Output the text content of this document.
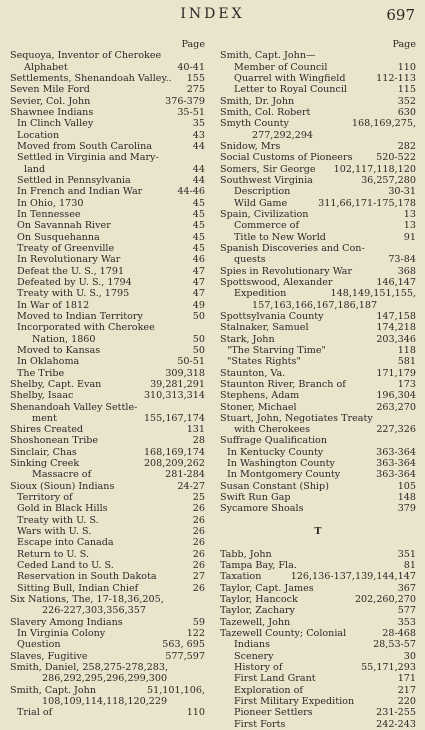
INDEX	697
Page
Sequoya, Inventor of Cherokee
Alphabet	40-41
Settlements, Shenandoah Valley.. 155
Seven Mile Ford	275
Sevier, Col. John	376-379
Shawnee Indians	35-51
In Clinch Valley	35
Location	43
Moved from South Carolina	44
Settled in Virginia and Mary-
land	44
Settled in Pennsylvania	44
In French and Indian War	44-46
In Ohio, 1730	45
In Tennessee	45
On Savannah River	45
On Susquehanna	45
Treaty of Greenville	45
In Revolutionary War	46
Defeat the U. S., 1791	47
Defeated by U. S., 1794	47
Treaty with U. S., 1795	47
In War of 1812	49
Moved to Indian Territory	50
Incorporated with Cherokee
Nation, 1860	50
Moved to Kansas	50
In Oklahoma	50-51
The Tribe	309,318
Shelby, Capt. Evan	39,281,291
Shelby, Isaac	310,313,314
Shenandoah Valley Settle-
ment	155,167,174
Shires Created	131
Shoshonean Tribe	28
Sinclair, Chas	168,169,174
Sinking Creek	208,209,262
Massacre of	281-284
Sioux (Sioun) Indians	24-27
Territory of	25
Gold in Black Hills	26
Treaty with U. S.	26
Wars with U. S.	26
Escape into Canada	26
Return to U. S.	26
Ceded Land to U. S.	26
Reservation in South Dakota	27
Sitting Bull, Indian Chief	26
Six Nations, The, 17-18,36,205,
226-227,303,356,357
Slavery Among Indians	59
In Virginia Colony	122
Question	563, 695
Slaves, Fugitive	577,597
Smith, Daniel, 258,275-278,283,
286,292,295,296,299,300
Smith, Capt. John	51,101,106,
108,109,114,118,120,229
Trial of	110
Page
Smith, Capt. John—
Member of Council	110
Quarrel with Wingfield	112-113
Letter to Royal Council	115
Smith, Dr. John	352
Smith, Col. Robert	630
Smyth County	168,169,275,
277,292,294
Snidow, Mrs	282
Social Customs of Pioneers 520-522
Somers, Sir George 102,117,118,120
Southwest Virginia	36,257,280
Description	30-31
Wild Game	311,66,171-175,178
Spain, Civilization	13
Commerce of	13
Title to New World	91
Spanish Discoveries and Con-
quests	73-84
Spies in Revolutionary War	368
Spottswood, Alexander	146,147
Expedition	148,149,151,155,
157,163,166,167,186,187
Spottsylvania County	147,158
Stalnaker, Samuel	174,218
Stark, John	203,346
"The Starving Time"	118
"States Rights"	581
Staunton, Va.	171,179
Staunton River, Branch of	173
Stephens, Adam	196,304
Stoner, Michael	263,270
Stuart, John, Negotiates Treaty
with Cherokees	227,326
Suffrage Qualification
In Kentucky County	363-364
In Washington County	363-364
In Montgomery County	363-364
Susan Constant (Ship)	105
Swift Run Gap	148
Sycamore Shoals	379
T
Tabb, John	351
Tampa Bay, Fla.	81
Taxation	126,136-137,139,144,147
Taylor, Capt. James	367
Taylor, Hancock	202,260,270
Taylor, Zachary	577
Tazewell, John	353
Tazewell County; Colonial	28-468
Indians	28,53-57
Scenery	30
History of	55,171,293
First Land Grant	171
Exploration of	217
First Military Expedition	220
Pioneer Settlers	231-255
First Forts	242-243
